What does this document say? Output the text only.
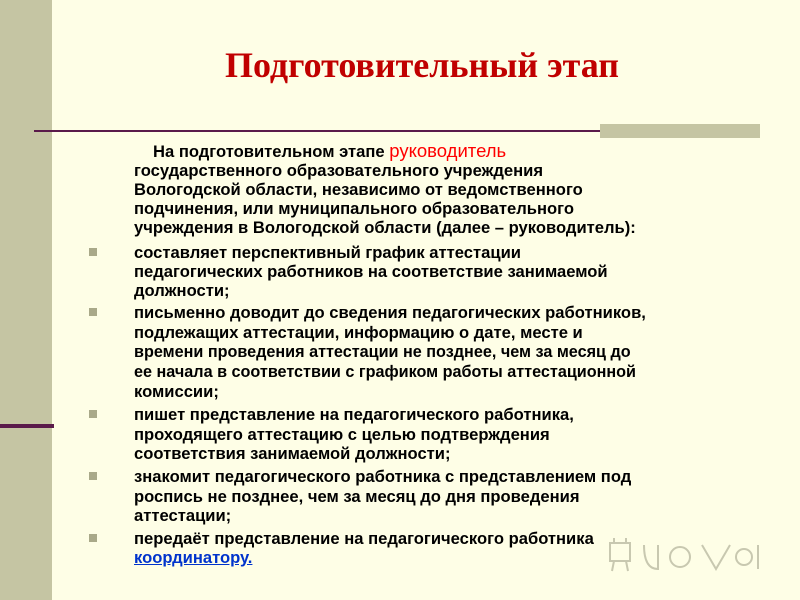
Подготовительный этап

На подготовительном этапе руководитель

государственного образовательного учреждения

Вологодской области, независимо от ведомственного

подчинения, или муниципального образовательного

учреждения в Вологодской области (далее – руководитель):

составляет перспективный график аттестации

педагогических работников на соответствие занимаемой

должности;

письменно доводит до сведения педагогических работников,

подлежащих аттестации, информацию о дате, месте и

времени проведения аттестации не позднее, чем за месяц до

ее начала в соответствии с графиком работы аттестационной

комиссии;

пишет представление на педагогического работника,

проходящего аттестацию с целью подтверждения

соответствия занимаемой должности;

знакомит педагогического работника с представлением под

роспись не позднее, чем за месяц до дня проведения

аттестации;

передаёт представление на педагогического работника

координатору.
